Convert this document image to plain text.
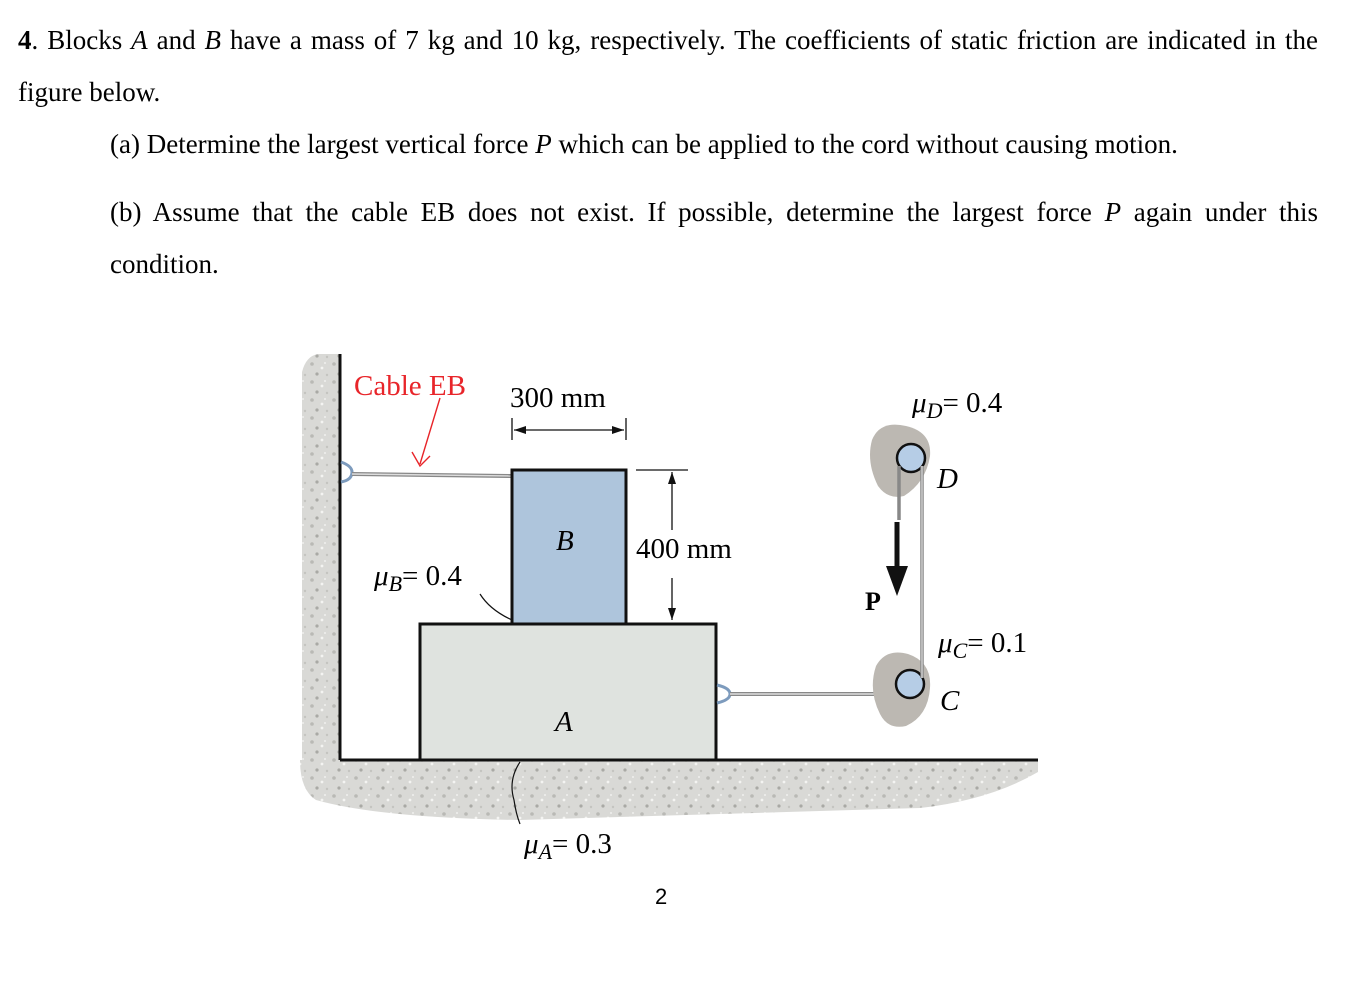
4. Blocks A and B have a mass of 7 kg and 10 kg, respectively. The coefficients of static friction are indicated in the figure below.

(a) Determine the largest vertical force P which can be applied to the cord without causing motion.

(b) Assume that the cable EB does not exist. If possible, determine the largest force P again under this condition.

Cable EB 300 mm
400 mm
B
A
$\mu_B= 0.4$
$\mu_A= 0.3$
$\mu_D= 0.4$
$\mu_C= 0.1$
D
C
P
2
